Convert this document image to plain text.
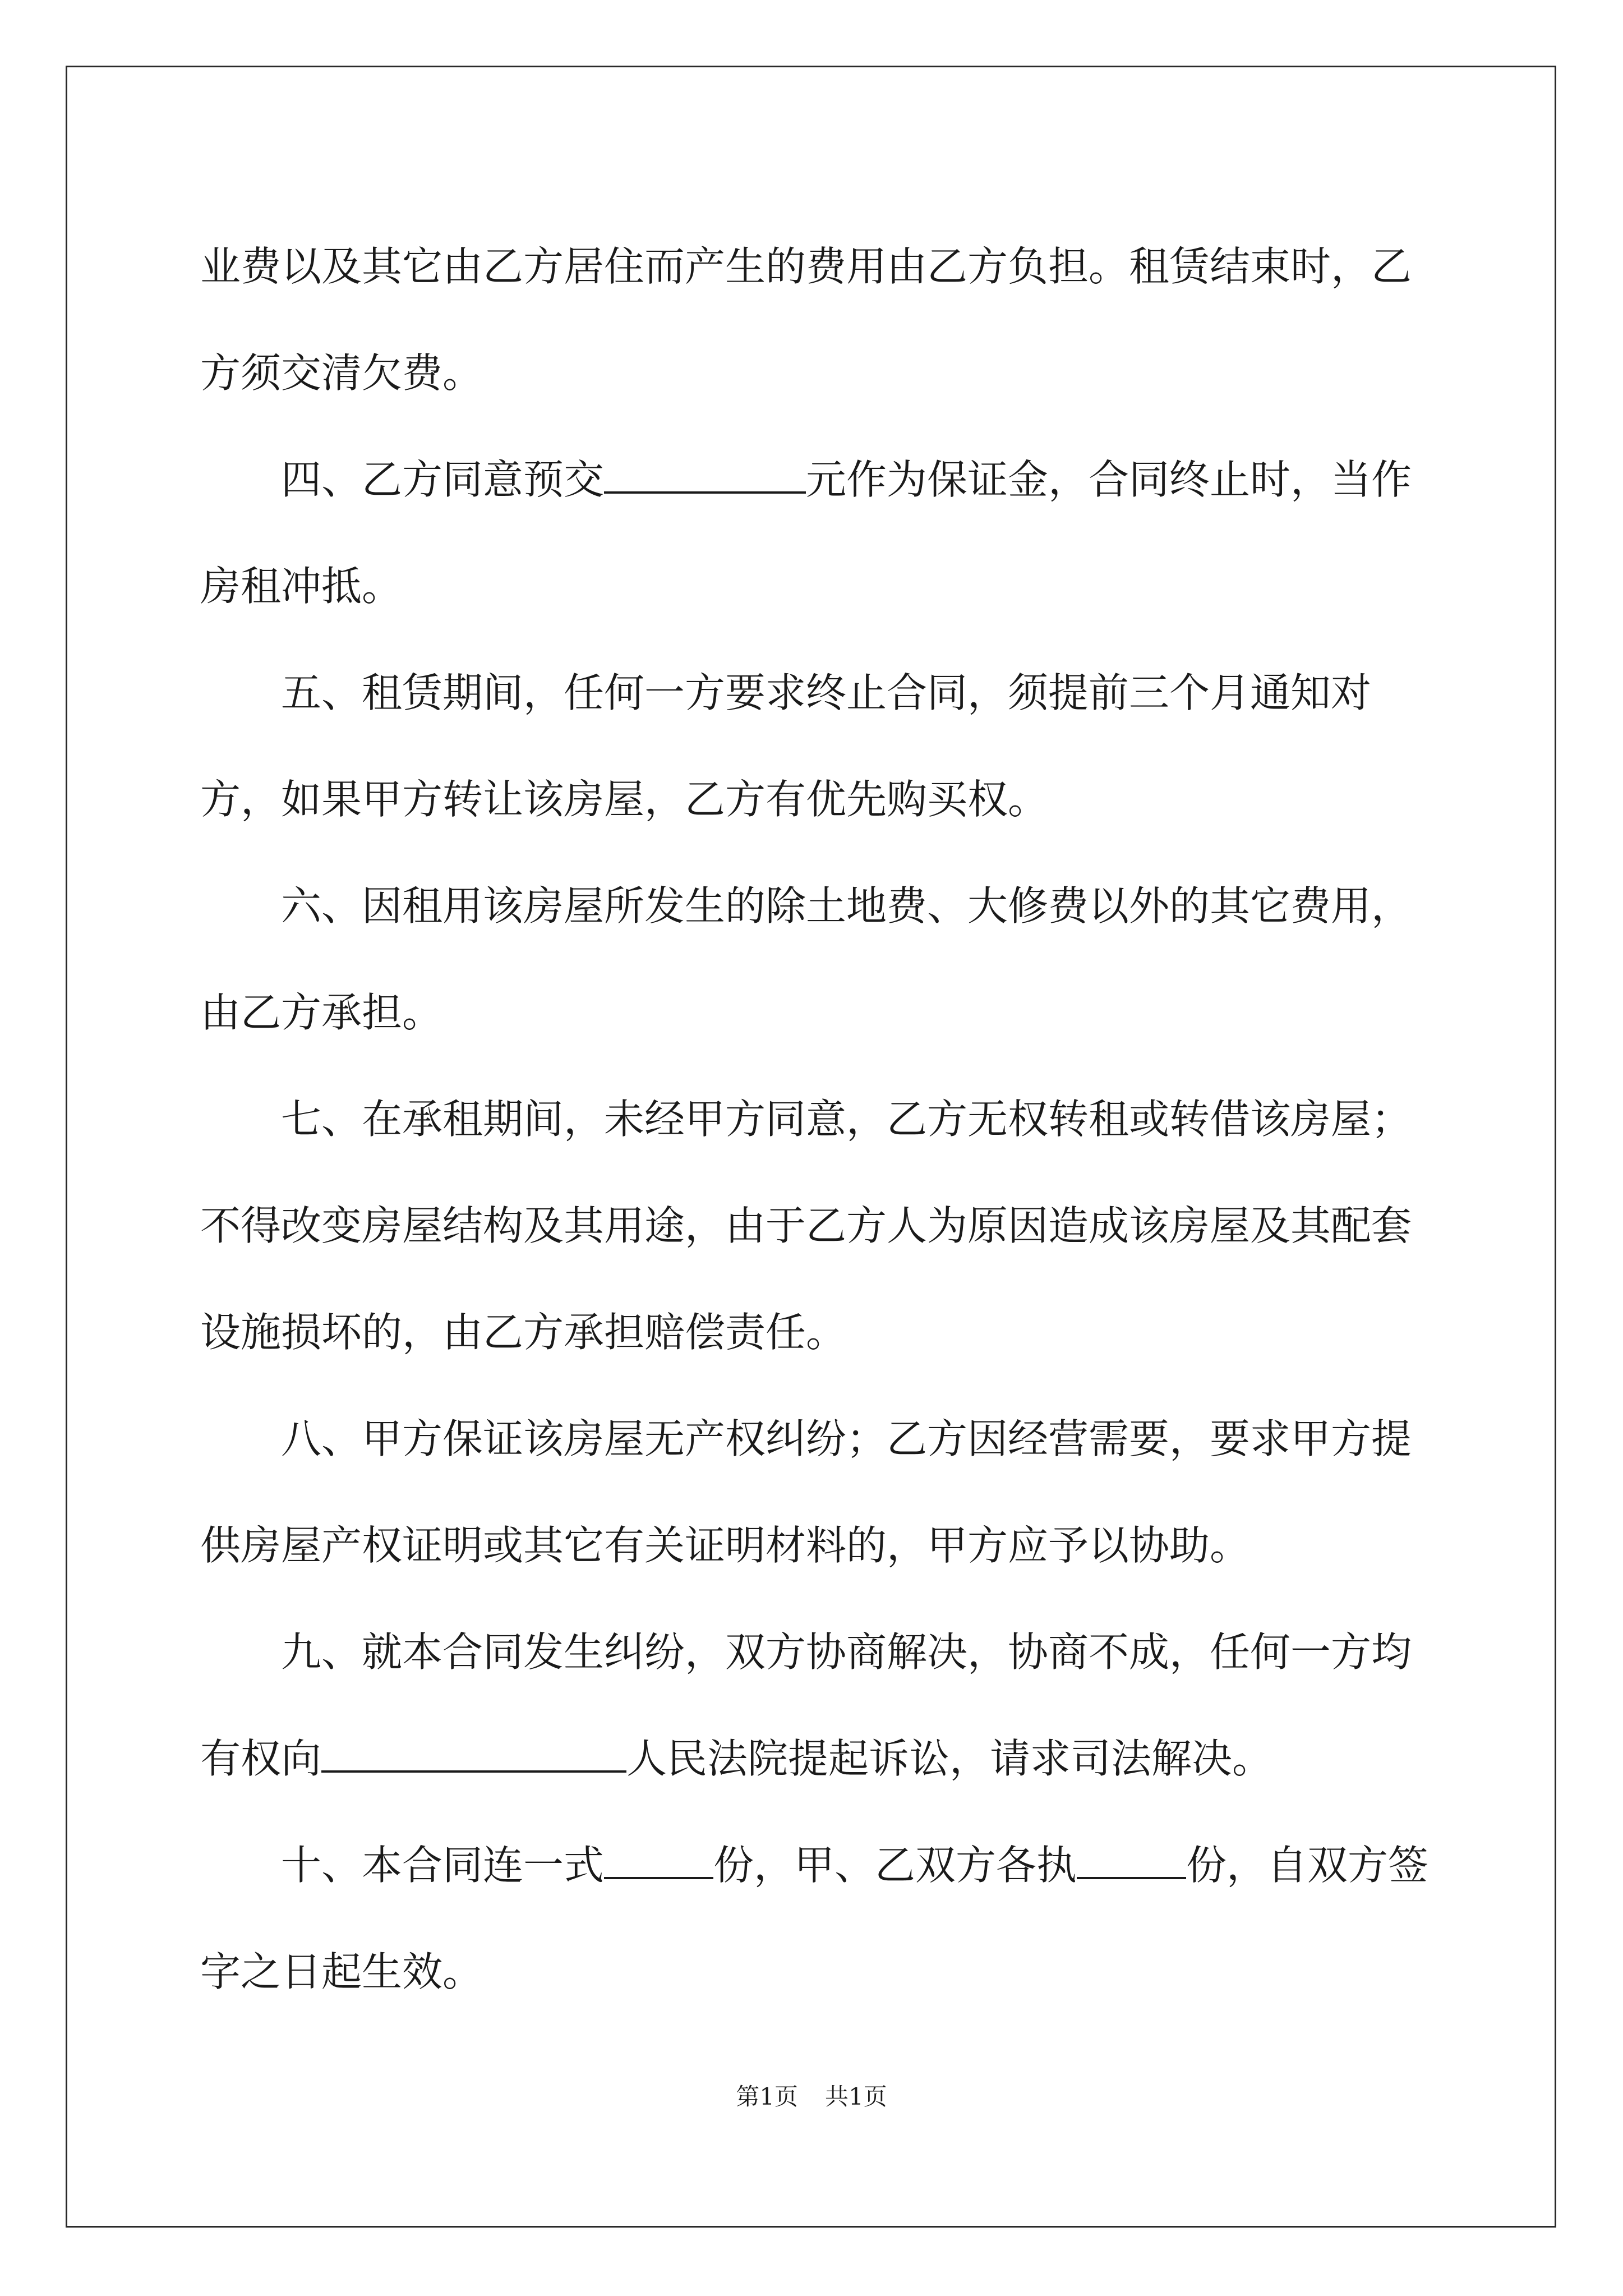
业费以及其它由乙方居住而产生的费用由乙方负担。租赁结束时，乙方须交清欠费。

四、乙方同意预交	元作为保证金，合同终止时，当作房租冲抵。

五、租赁期间，任何一方要求终止合同，须提前三个月通知对方，如果甲方转让该房屋，乙方有优先购买权。

六、因租用该房屋所发生的除土地费、大修费以外的其它费用，由乙方承担。

七、在承租期间，未经甲方同意，乙方无权转租或转借该房屋；不得改变房屋结构及其用途，由于乙方人为原因造成该房屋及其配套设施损坏的，由乙方承担赔偿责任。

八、甲方保证该房屋无产权纠纷；乙方因经营需要，要求甲方提供房屋产权证明或其它有关证明材料的，甲方应予以协助。

九、就本合同发生纠纷，双方协商解决，协商不成，任何一方均有权向	人民法院提起诉讼，请求司法解决。

十、本合同连一式	份，甲、乙双方各执	份，自双方签字之日起生效。

第1页 共1页
